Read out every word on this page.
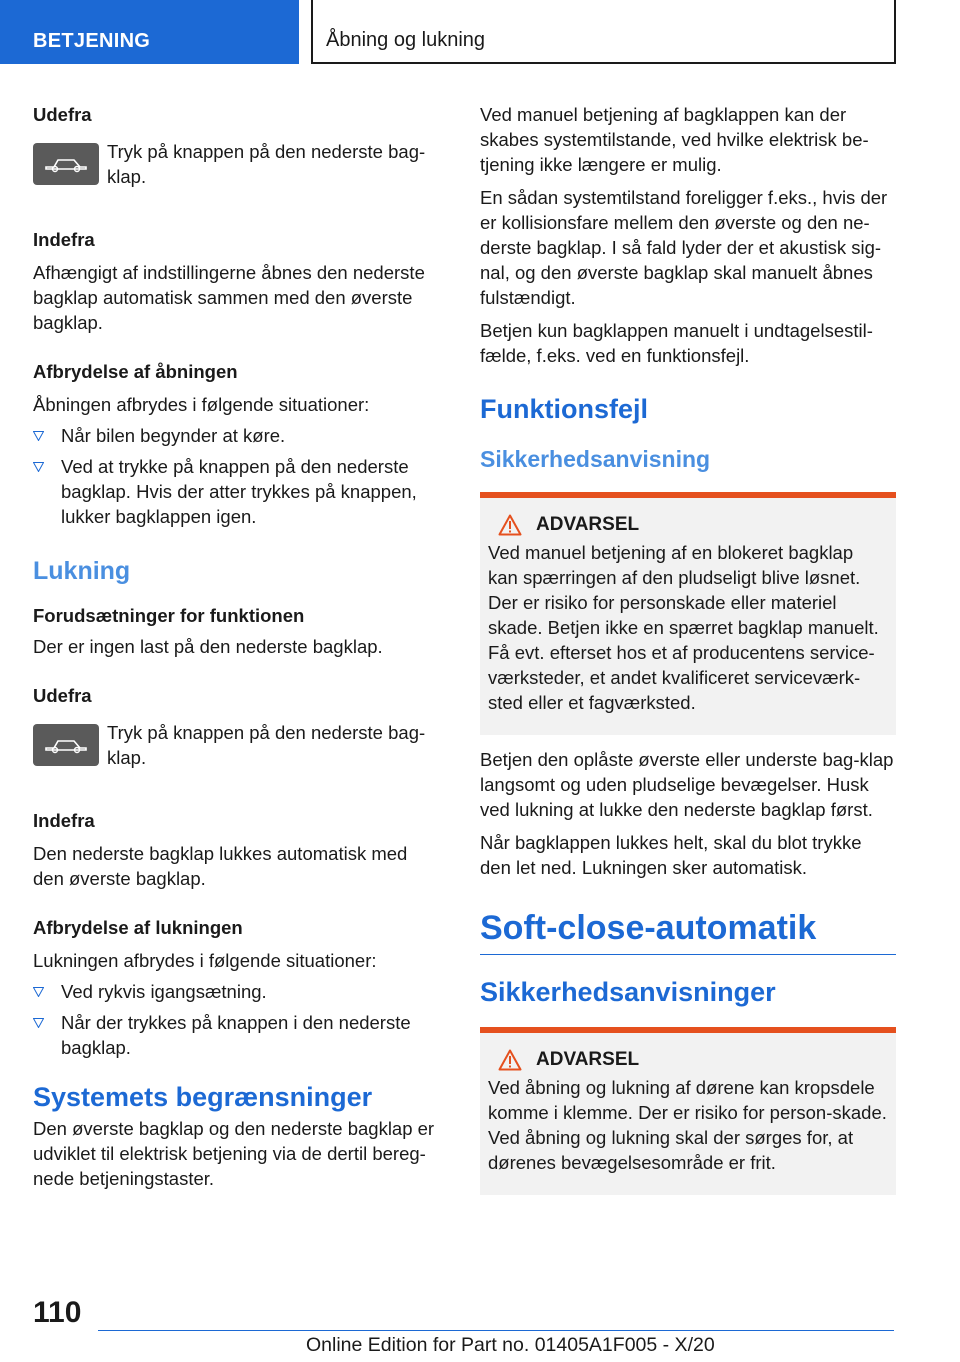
BETJENING	Åbning og lukning
Udefra

Tryk på knappen på den nederste bag-klap.

Indefra

Afhængigt af indstillingerne åbnes den nederste bagklap automatisk sammen med den øverste bagklap.

Afbrydelse af åbningen

Åbningen afbrydes i følgende situationer:

Når bilen begynder at køre.
Ved at trykke på knappen på den nederste bagklap. Hvis der atter trykkes på knappen, lukker bagklappen igen.
Lukning
Forudsætninger for funktionen

Der er ingen last på den nederste bagklap.

Udefra

Tryk på knappen på den nederste bag-klap.

Indefra

Den nederste bagklap lukkes automatisk med den øverste bagklap.

Afbrydelse af lukningen

Lukningen afbrydes i følgende situationer:

Ved rykvis igangsætning.
Når der trykkes på knappen i den nederste bagklap.
Systemets begrænsninger

Den øverste bagklap og den nederste bagklap er udviklet til elektrisk betjening via de dertil bereg-nede betjeningstaster.

Ved manuel betjening af bagklappen kan der skabes systemtilstande, ved hvilke elektrisk be-tjening ikke længere er mulig.

En sådan systemtilstand foreligger f.eks., hvis der er kollisionsfare mellem den øverste og den ne-derste bagklap. I så fald lyder der et akustisk sig-nal, og den øverste bagklap skal manuelt åbnes fulstændigt.

Betjen kun bagklappen manuelt i undtagelsestil-fælde, f.eks. ved en funktionsfejl.

Funktionsfejl
Sikkerhedsanvisning
ADVARSEL

Ved manuel betjening af en blokeret bagklap kan spærringen af den pludseligt blive løsnet. Der er risiko for personskade eller materiel skade. Betjen ikke en spærret bagklap manuelt. Få evt. efterset hos et af producentens service-værksteder, et andet kvalificeret serviceværk-sted eller et fagværksted.

Betjen den oplåste øverste eller underste bag-klap langsomt og uden pludselige bevægelser. Husk ved lukning at lukke den nederste bagklap først.

Når bagklappen lukkes helt, skal du blot trykke den let ned. Lukningen sker automatisk.

Soft-close-automatik
Sikkerhedsanvisninger
ADVARSEL

Ved åbning og lukning af dørene kan kropsdele komme i klemme. Der er risiko for person-skade. Ved åbning og lukning skal der sørges for, at dørenes bevægelsesområde er frit.

110
Online Edition for Part no. 01405A1F005 - X/20
